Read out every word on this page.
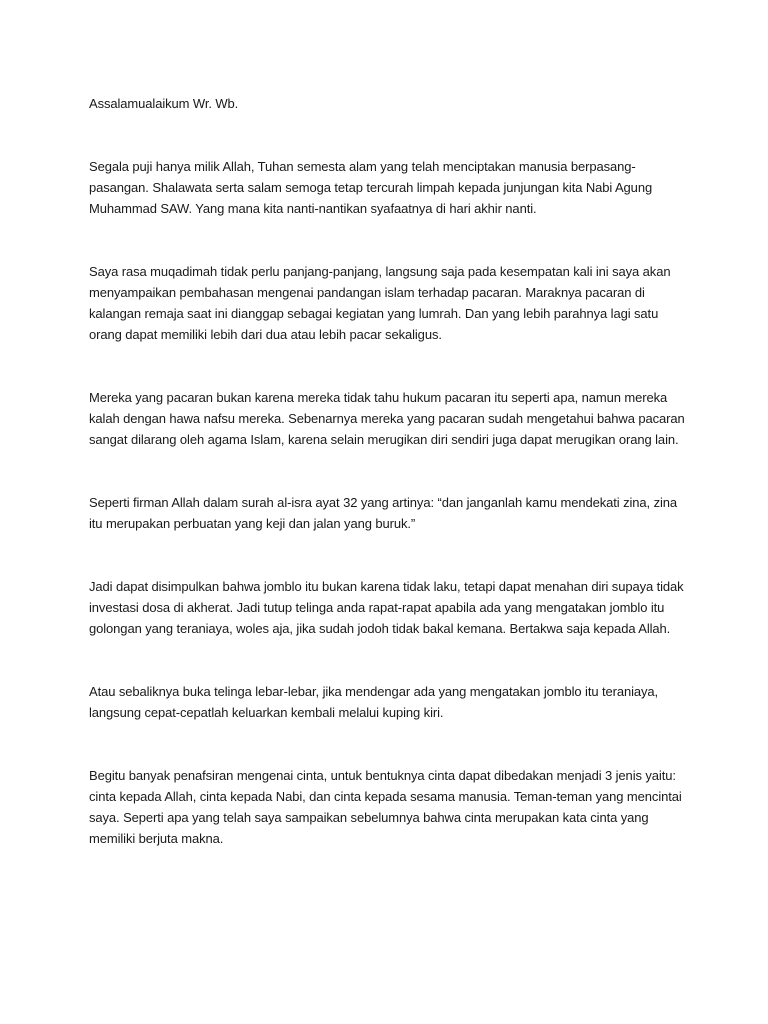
Assalamualaikum Wr. Wb.

Segala puji hanya milik Allah, Tuhan semesta alam yang telah menciptakan manusia berpasang-pasangan. Shalawata serta salam semoga tetap tercurah limpah kepada junjungan kita Nabi Agung Muhammad SAW. Yang mana kita nanti-nantikan syafaatnya di hari akhir nanti.

Saya rasa muqadimah tidak perlu panjang-panjang, langsung saja pada kesempatan kali ini saya akan menyampaikan pembahasan mengenai pandangan islam terhadap pacaran. Maraknya pacaran di kalangan remaja saat ini dianggap sebagai kegiatan yang lumrah. Dan yang lebih parahnya lagi satu orang dapat memiliki lebih dari dua atau lebih pacar sekaligus.

Mereka yang pacaran bukan karena mereka tidak tahu hukum pacaran itu seperti apa, namun mereka kalah dengan hawa nafsu mereka. Sebenarnya mereka yang pacaran sudah mengetahui bahwa pacaran sangat dilarang oleh agama Islam, karena selain merugikan diri sendiri juga dapat merugikan orang lain.

Seperti firman Allah dalam surah al-isra ayat 32 yang artinya: “dan janganlah kamu mendekati zina, zina itu merupakan perbuatan yang keji dan jalan yang buruk.”

Jadi dapat disimpulkan bahwa jomblo itu bukan karena tidak laku, tetapi dapat menahan diri supaya tidak investasi dosa di akherat. Jadi tutup telinga anda rapat-rapat apabila ada yang mengatakan jomblo itu golongan yang teraniaya, woles aja, jika sudah jodoh tidak bakal kemana. Bertakwa saja kepada Allah.

Atau sebaliknya buka telinga lebar-lebar, jika mendengar ada yang mengatakan jomblo itu teraniaya, langsung cepat-cepatlah keluarkan kembali melalui kuping kiri.

Begitu banyak penafsiran mengenai cinta, untuk bentuknya cinta dapat dibedakan menjadi 3 jenis yaitu: cinta kepada Allah, cinta kepada Nabi, dan cinta kepada sesama manusia. Teman-teman yang mencintai saya. Seperti apa yang telah saya sampaikan sebelumnya bahwa cinta merupakan kata cinta yang memiliki berjuta makna.
